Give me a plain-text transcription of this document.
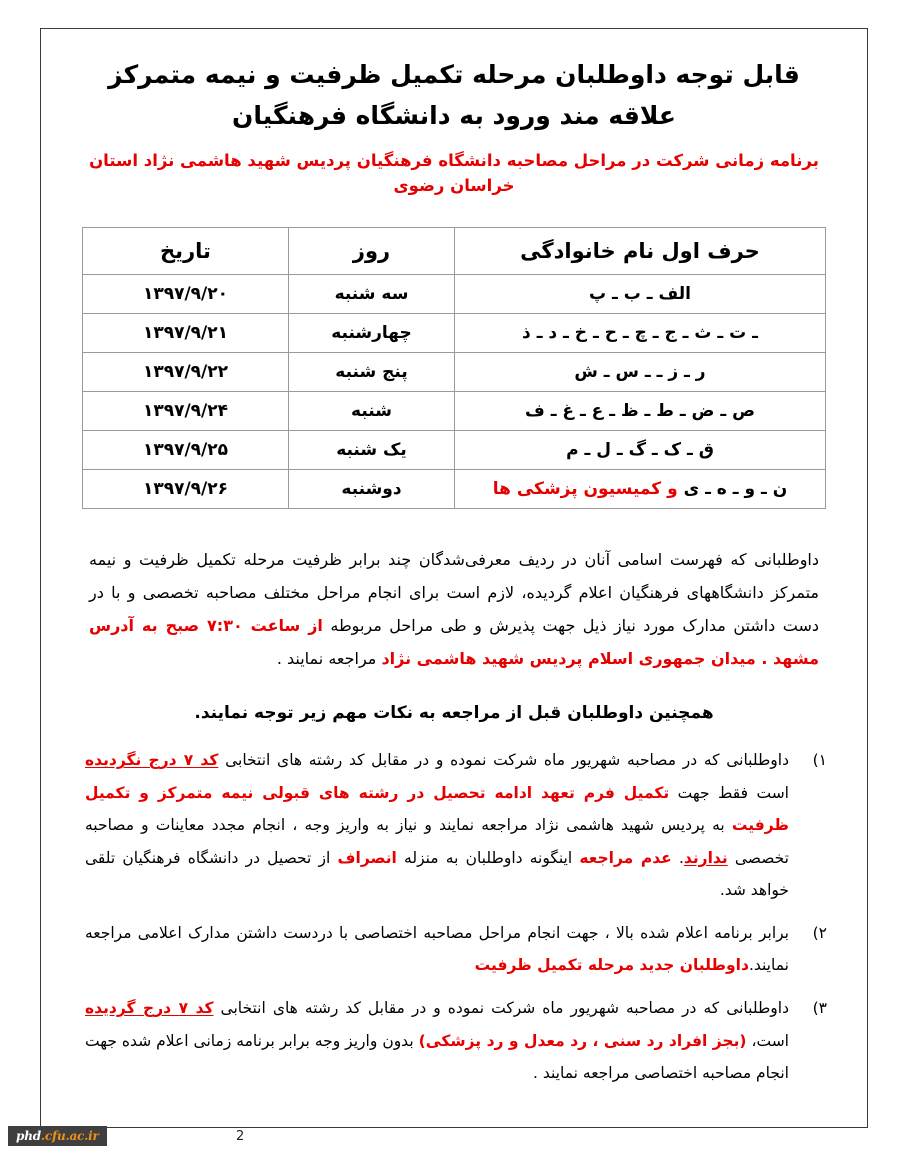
قابل توجه داوطلبان مرحله تکمیل ظرفیت و نیمه متمرکز
علاقه مند ورود به دانشگاه فرهنگیان
برنامه زمانی شرکت در مراحل مصاحبه دانشگاه فرهنگیان پردیس شهید هاشمی نژاد استان خراسان رضوی
حرف اول نام خانوادگی	روز	تاریخ
الف ـ ب ـ پ	سه شنبه	۱۳۹۷/۹/۲۰
ـ ت ـ ث ـ ج ـ چ ـ ح ـ خ ـ د ـ ذ	چهارشنبه	۱۳۹۷/۹/۲۱
ر ـ ز ـ ـ س ـ ش	پنج شنبه	۱۳۹۷/۹/۲۲
ص ـ ض ـ ط ـ ظ ـ ع ـ غ ـ ف	شنبه	۱۳۹۷/۹/۲۴
ق ـ ک ـ گ ـ ل ـ م	یک شنبه	۱۳۹۷/۹/۲۵
ن ـ و ـ ه ـ ی و کمیسیون پزشکی ها	دوشنبه	۱۳۹۷/۹/۲۶

داوطلبانی که فهرست اسامی آنان در ردیف معرفی‌شدگان چند برابر ظرفیت مرحله تکمیل ظرفیت و نیمه متمرکز دانشگاههای فرهنگیان اعلام گردیده، لازم است برای انجام مراحل مختلف مصاحبه تخصصی و با در دست داشتن مدارک مورد نیاز ذیل جهت پذیرش و طی مراحل مربوطه از ساعت ۷:۳۰ صبح به آدرس مشهد . میدان جمهوری اسلام پردیس شهید هاشمی نژاد مراجعه نمایند .

همچنین داوطلبان قبل از مراجعه به نکات مهم زیر توجه نمایند.
۱)
داوطلبانی که در مصاحبه شهریور ماه شرکت نموده و در مقابل کد رشته های انتخابی کد ۷ درج نگردیده است فقط جهت تکمیل فرم تعهد ادامه تحصیل در رشته های قبولی نیمه متمرکز و تکمیل ظرفیت به پردیس شهید هاشمی نژاد مراجعه نمایند و نیاز به واریز وجه ، انجام مجدد معاینات و مصاحبه تخصصی ندارند. عدم مراجعه اینگونه داوطلبان به منزله انصراف از تحصیل در دانشگاه فرهنگیان تلقی خواهد شد.
۲)
برابر برنامه اعلام شده بالا ، جهت انجام مراحل مصاحبه اختصاصی با دردست داشتن مدارک اعلامی مراجعه نمایند.داوطلبان جدید مرحله تکمیل ظرفیت
۳)
داوطلبانی که در مصاحبه شهریور ماه شرکت نموده و در مقابل کد رشته های انتخابی کد ۷ درج گردیده است، (بجز افراد رد سنی ، رد معدل و رد پزشکی) بدون واریز وجه برابر برنامه زمانی اعلام شده جهت انجام مصاحبه اختصاصی مراجعه نمایند .
phd.cfu.ac.ir	2
